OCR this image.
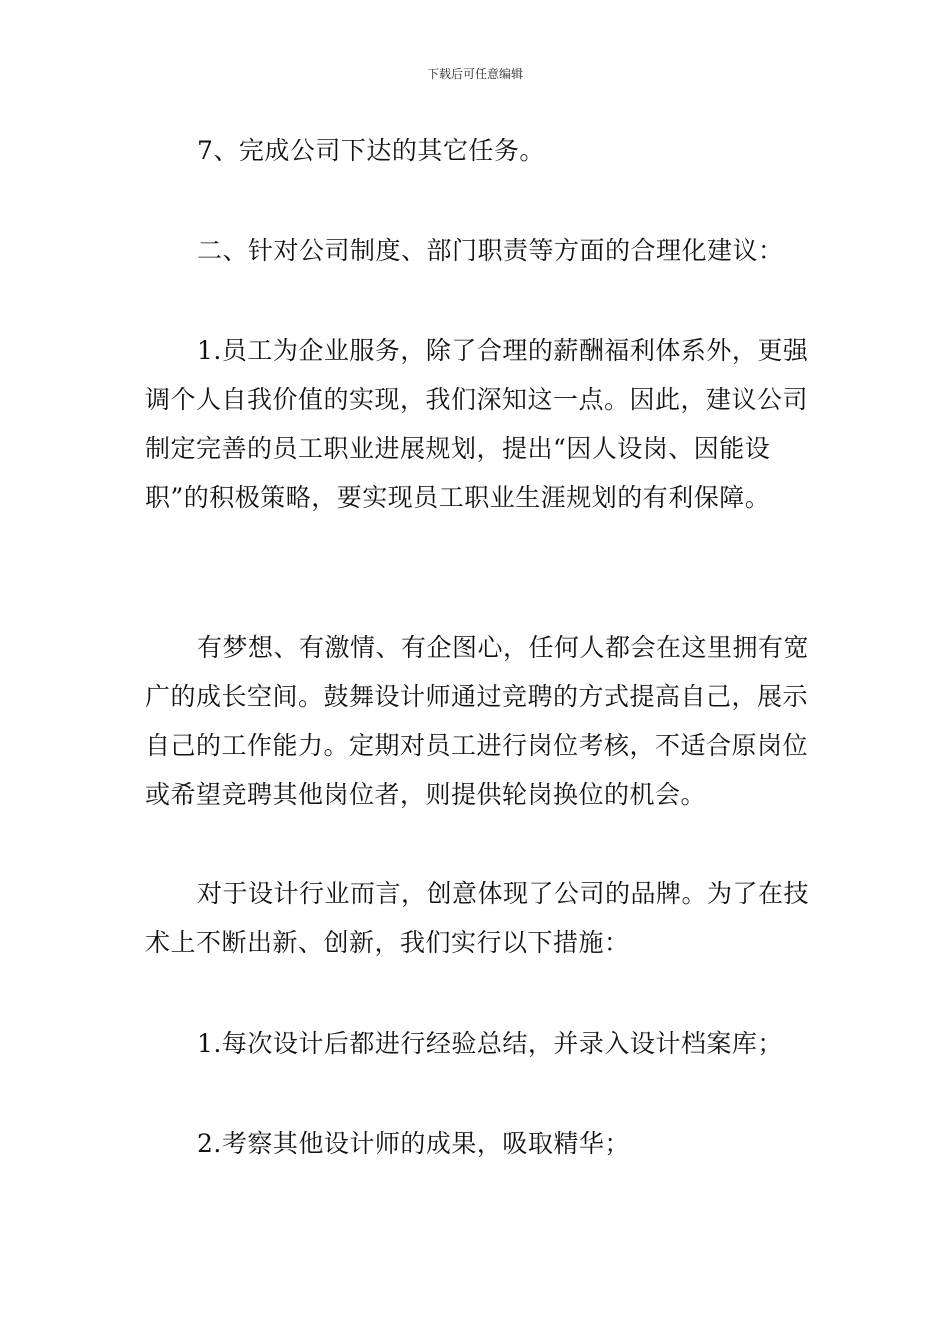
下载后可任意编辑

7、完成公司下达的其它任务。

二、针对公司制度、部门职责等方面的合理化建议：

1.员工为企业服务，除了合理的薪酬福利体系外，更强调个人自我价值的实现，我们深知这一点。因此，建议公司制定完善的员工职业进展规划，提出“因人设岗、因能设职”的积极策略，要实现员工职业生涯规划的有利保障。

有梦想、有激情、有企图心，任何人都会在这里拥有宽广的成长空间。鼓舞设计师通过竞聘的方式提高自己，展示自己的工作能力。定期对员工进行岗位考核，不适合原岗位或希望竞聘其他岗位者，则提供轮岗换位的机会。

对于设计行业而言，创意体现了公司的品牌。为了在技术上不断出新、创新，我们实行以下措施：

1.每次设计后都进行经验总结，并录入设计档案库；

2.考察其他设计师的成果，吸取精华；
